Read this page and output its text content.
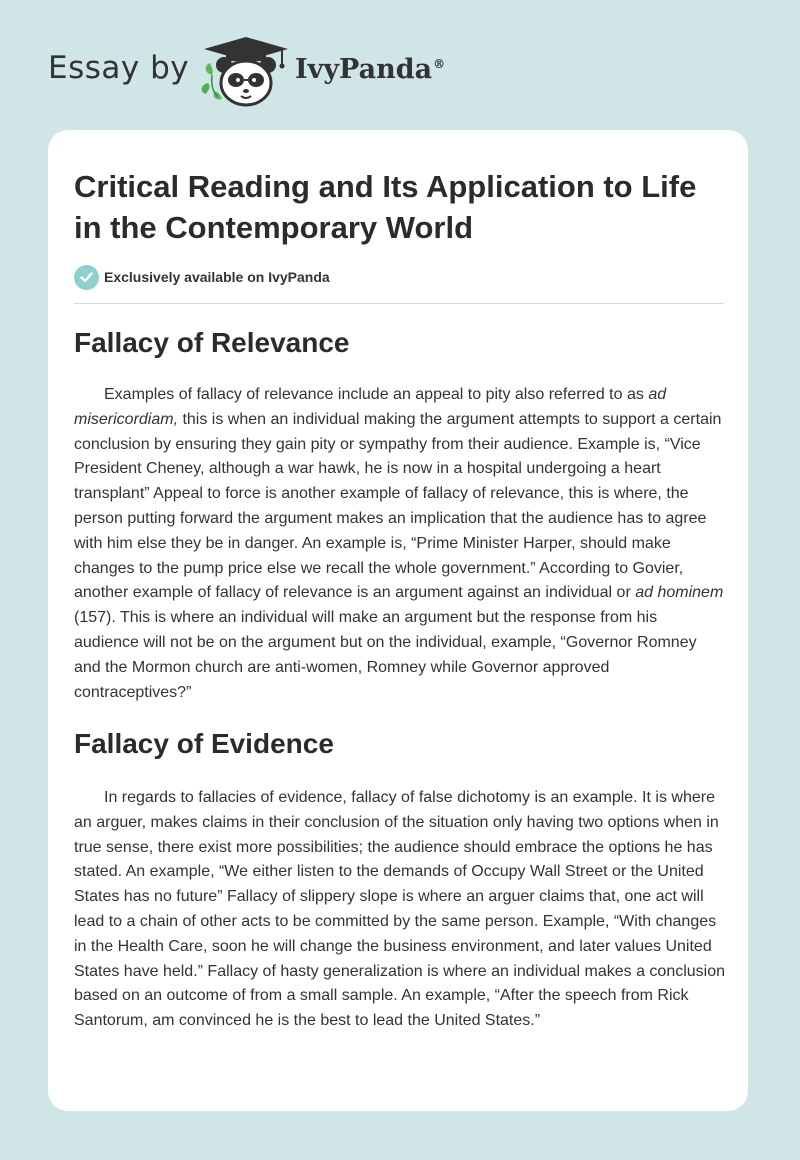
Essay by	IvyPanda®
Critical Reading and Its Application to Life in the Contemporary World
Exclusively available on IvyPanda
Fallacy of Relevance

Examples of fallacy of relevance include an appeal to pity also referred to as ad misericordiam, this is when an individual making the argument attempts to support a certain conclusion by ensuring they gain pity or sympathy from their audience. Example is, “Vice President Cheney, although a war hawk, he is now in a hospital undergoing a heart transplant” Appeal to force is another example of fallacy of relevance, this is where, the person putting forward the argument makes an implication that the audience has to agree with him else they be in danger. An example is, “Prime Minister Harper, should make changes to the pump price else we recall the whole government.” According to Govier, another example of fallacy of relevance is an argument against an individual or ad hominem (157). This is where an individual will make an argument but the response from his audience will not be on the argument but on the individual, example, “Governor Romney and the Mormon church are anti-women, Romney while Governor approved contraceptives?”

Fallacy of Evidence

In regards to fallacies of evidence, fallacy of false dichotomy is an example. It is where an arguer, makes claims in their conclusion of the situation only having two options when in true sense, there exist more possibilities; the audience should embrace the options he has stated. An example, “We either listen to the demands of Occupy Wall Street or the United States has no future” Fallacy of slippery slope is where an arguer claims that, one act will lead to a chain of other acts to be committed by the same person. Example, “With changes in the Health Care, soon he will change the business environment, and later values United States have held.” Fallacy of hasty generalization is where an individual makes a conclusion based on an outcome of from a small sample. An example, “After the speech from Rick Santorum, am convinced he is the best to lead the United States.”
